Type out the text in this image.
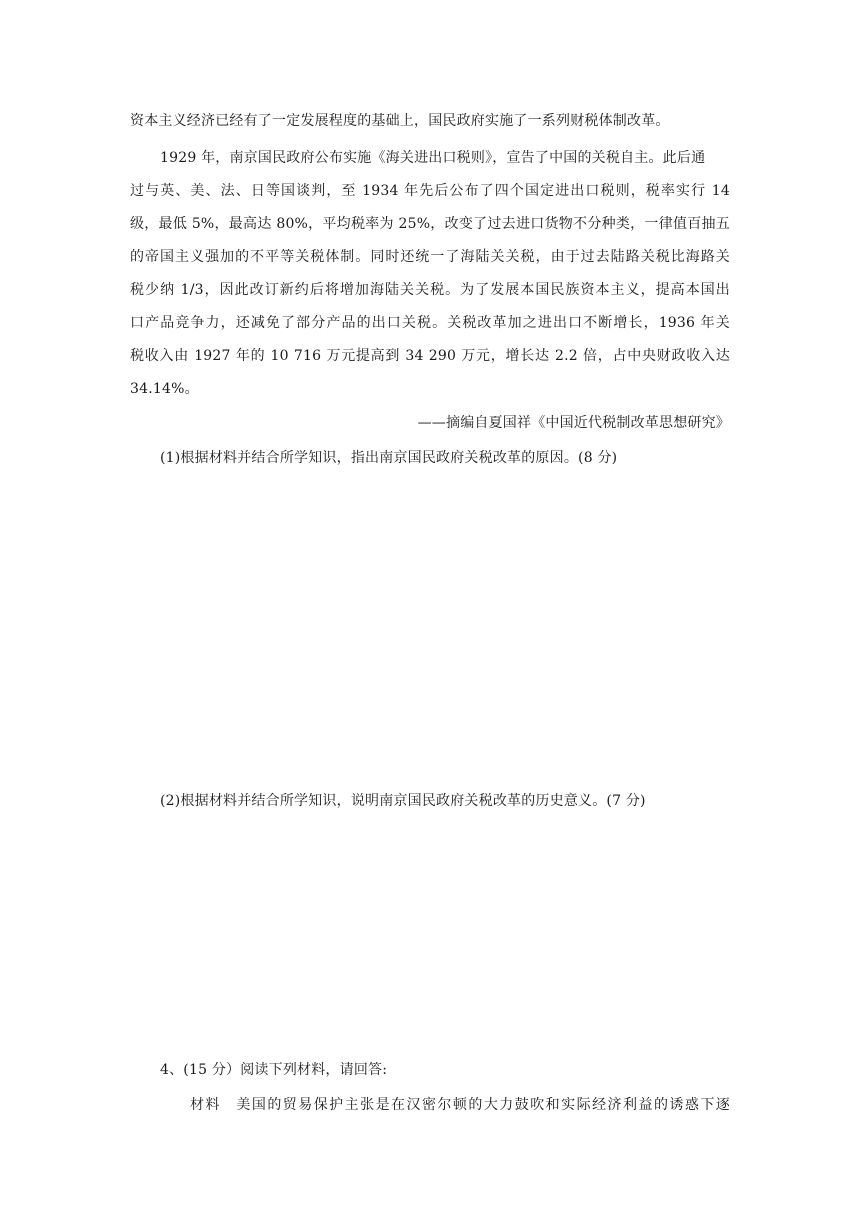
资本主义经济已经有了一定发展程度的基础上，国民政府实施了一系列财税体制改革。
1929 年，南京国民政府公布实施《海关进出口税则》，宣告了中国的关税自主。此后通
过与英、美、法、日等国谈判，至 1934 年先后公布了四个国定进出口税则，税率实行 14
级，最低 5%，最高达 80%，平均税率为 25%，改变了过去进口货物不分种类，一律值百抽五
的帝国主义强加的不平等关税体制。同时还统一了海陆关关税，由于过去陆路关税比海路关
税少纳 1/3，因此改订新约后将增加海陆关关税。为了发展本国民族资本主义，提高本国出
口产品竞争力，还减免了部分产品的出口关税。关税改革加之进出口不断增长，1936 年关
税收入由 1927 年的 10 716 万元提高到 34 290 万元，增长达 2.2 倍，占中央财政收入达
34.14%。
——摘编自夏国祥《中国近代税制改革思想研究》
(1)根据材料并结合所学知识，指出南京国民政府关税改革的原因。(8 分)
(2)根据材料并结合所学知识，说明南京国民政府关税改革的历史意义。(7 分)
4、(15 分）阅读下列材料，请回答:
材料　美国的贸易保护主张是在汉密尔顿的大力鼓吹和实际经济利益的诱惑下逐
